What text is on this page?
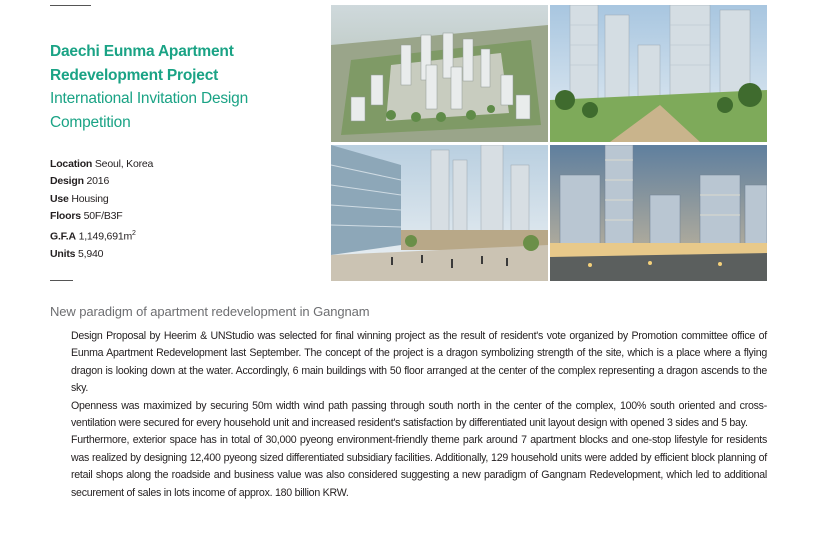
Daechi Eunma Apartment
Redevelopment Project
International Invitation Design
Competition
Location Seoul, Korea
Design 2016
Use Housing
Floors 50F/B3F
G.F.A $1,149,691m^2$
Units 5,940
New paradigm of apartment redevelopment in Gangnam

Design Proposal by Heerim & UNStudio was selected for final winning project as the result of resident's vote organized by Promotion committee office of Eunma Apartment Redevelopment last September. The concept of the project is a dragon symbolizing strength of the site, which is a place where a flying dragon is looking down at the water. Accordingly, 6 main buildings with 50 floor arranged at the center of the complex representing a dragon ascends to the sky.

Openness was maximized by securing 50m width wind path passing through south north in the center of the complex, 100% south oriented and cross-ventilation were secured for every household unit and increased resident's satisfaction by differentiated unit layout design with opened 3 sides and 5 bay.

Furthermore, exterior space has in total of 30,000 pyeong environment-friendly theme park around 7 apartment blocks and one-stop lifestyle for residents was realized by designing 12,400 pyeong sized differentiated subsidiary facilities. Additionally, 129 household units were added by efficient block planning of retail shops along the roadside and business value was also considered suggesting a new paradigm of Gangnam Redevelopment, which led to additional securement of sales in lots income of approx. 180 billion KRW.
